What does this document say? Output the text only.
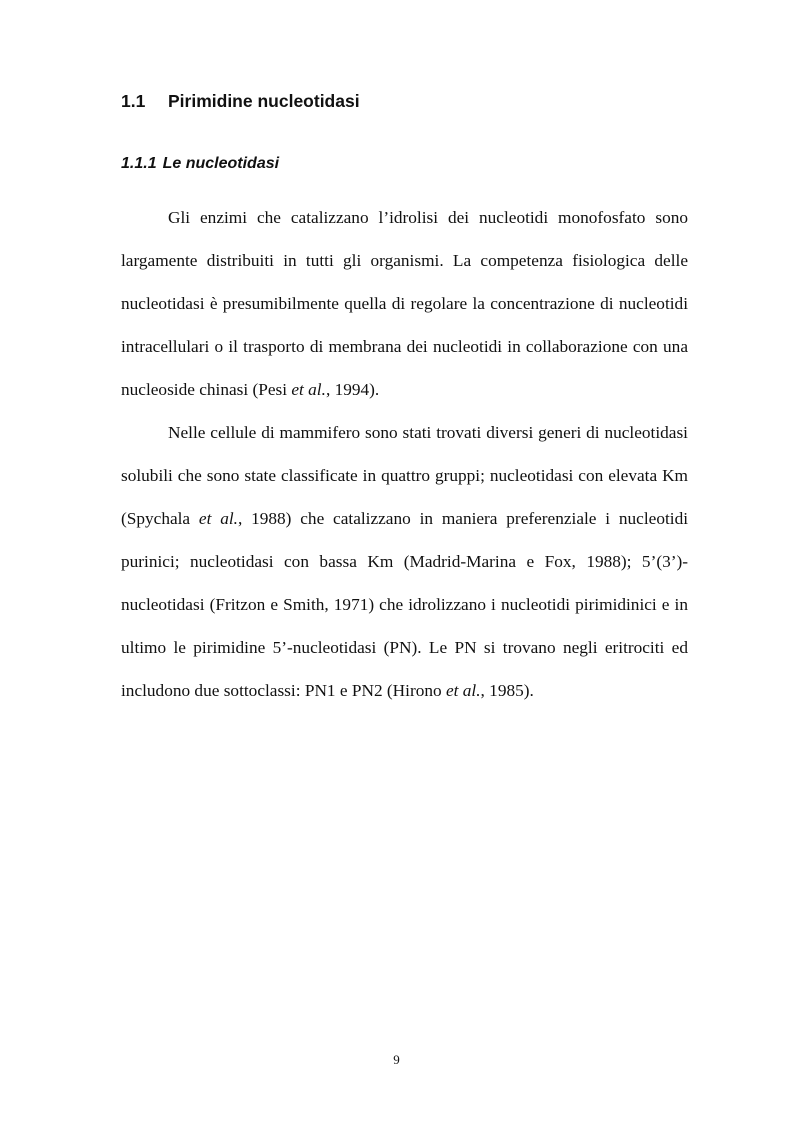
1.1 Pirimidine nucleotidasi
1.1.1 Le nucleotidasi

Gli enzimi che catalizzano l’idrolisi dei nucleotidi monofosfato sono largamente distribuiti in tutti gli organismi. La competenza fisiologica delle nucleotidasi è presumibilmente quella di regolare la concentrazione di nucleotidi intracellulari o il trasporto di membrana dei nucleotidi in collaborazione con una nucleoside chinasi (Pesi et al., 1994).

Nelle cellule di mammifero sono stati trovati diversi generi di nucleotidasi solubili che sono state classificate in quattro gruppi; nucleotidasi con elevata Km (Spychala et al., 1988) che catalizzano in maniera preferenziale i nucleotidi purinici; nucleotidasi con bassa Km (Madrid-Marina e Fox, 1988); 5’(3’)- nucleotidasi (Fritzon e Smith, 1971) che idrolizzano i nucleotidi pirimidinici e in ultimo le pirimidine 5’-nucleotidasi (PN). Le PN si trovano negli eritrociti ed includono due sottoclassi: PN1 e PN2 (Hirono et al., 1985).

9
